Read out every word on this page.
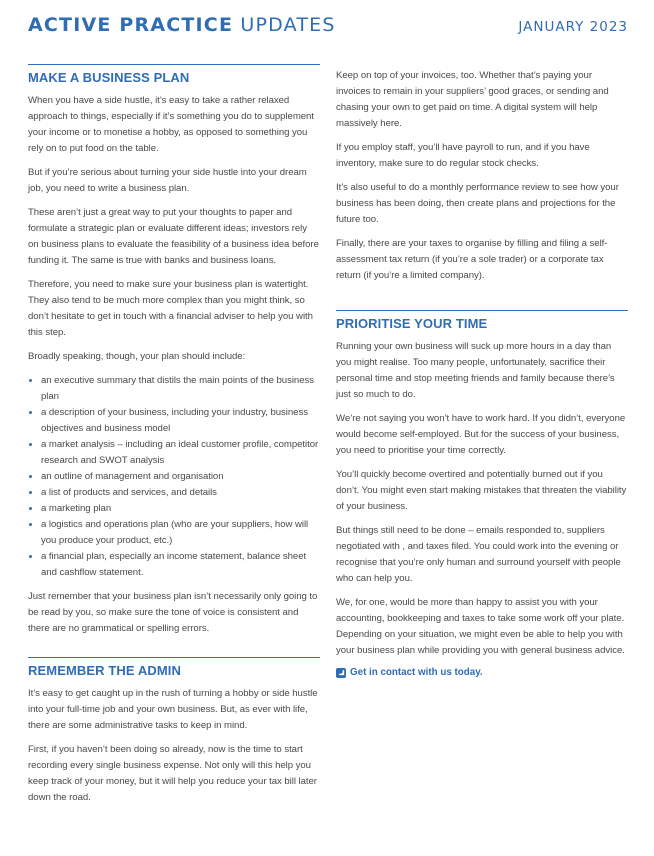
ACTIVE PRACTICE UPDATES	JANUARY 2023
MAKE A BUSINESS PLAN

When you have a side hustle, it’s easy to take a rather relaxed approach to things, especially if it’s something you do to supplement your income or to monetise a hobby, as opposed to something you rely on to put food on the table.

But if you’re serious about turning your side hustle into your dream job, you need to write a business plan.

These aren’t just a great way to put your thoughts to paper and formulate a strategic plan or evaluate different ideas; investors rely on business plans to evaluate the feasibility of a business idea before funding it. The same is true with banks and business loans.

Therefore, you need to make sure your business plan is watertight. They also tend to be much more complex than you might think, so don’t hesitate to get in touch with a financial adviser to help you with this step.

Broadly speaking, though, your plan should include:

an executive summary that distils the main points of the business plan
a description of your business, including your industry, business objectives and business model
a market analysis – including an ideal customer profile, competitor research and SWOT analysis
an outline of management and organisation
a list of products and services, and details
a marketing plan
a logistics and operations plan (who are your suppliers, how will you produce your product, etc.)
a financial plan, especially an income statement, balance sheet and cashflow statement.

Just remember that your business plan isn’t necessarily only going to be read by you, so make sure the tone of voice is consistent and there are no grammatical or spelling errors.

REMEMBER THE ADMIN

It’s easy to get caught up in the rush of turning a hobby or side hustle into your full-time job and your own business. But, as ever with life, there are some administrative tasks to keep in mind.

First, if you haven’t been doing so already, now is the time to start recording every single business expense. Not only will this help you keep track of your money, but it will help you reduce your tax bill later down the road.

Keep on top of your invoices, too. Whether that’s paying your invoices to remain in your suppliers’ good graces, or sending and chasing your own to get paid on time. A digital system will help massively here.

If you employ staff, you’ll have payroll to run, and if you have inventory, make sure to do regular stock checks.

It’s also useful to do a monthly performance review to see how your business has been doing, then create plans and projections for the future too.

Finally, there are your taxes to organise by filling and filing a self-assessment tax return (if you’re a sole trader) or a corporate tax return (if you’re a limited company).

PRIORITISE YOUR TIME

Running your own business will suck up more hours in a day than you might realise. Too many people, unfortunately, sacrifice their personal time and stop meeting friends and family because there’s just so much to do.

We’re not saying you won’t have to work hard. If you didn’t, everyone would become self-employed. But for the success of your business, you need to prioritise your time correctly.

You’ll quickly become overtired and potentially burned out if you don’t. You might even start making mistakes that threaten the viability of your business.

But things still need to be done – emails responded to, suppliers negotiated with , and taxes filed. You could work into the evening or recognise that you’re only human and surround yourself with people who can help you.

We, for one, would be more than happy to assist you with your accounting, bookkeeping and taxes to take some work off your plate. Depending on your situation, we might even be able to help you with your business plan while providing you with general business advice.

Get in contact with us today.
